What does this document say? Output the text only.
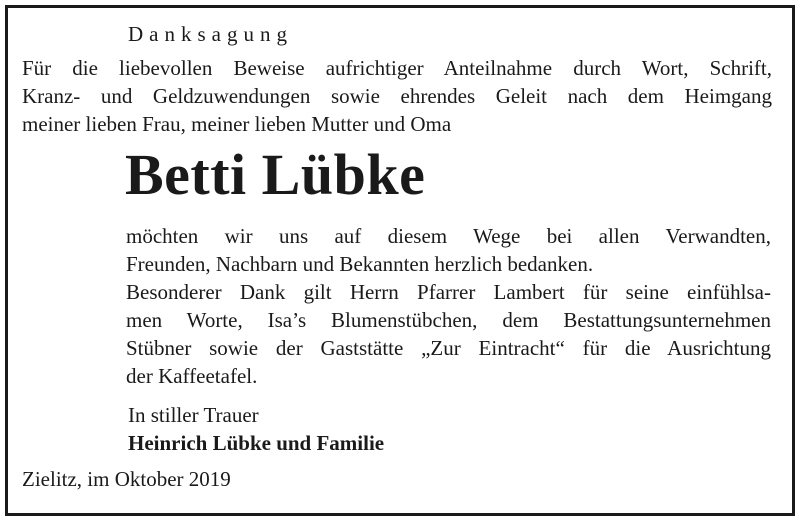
Danksagung
Für die liebevollen Beweise aufrichtiger Anteilnahme durch Wort, Schrift,
Kranz- und Geldzuwendungen sowie ehrendes Geleit nach dem Heimgang
meiner lieben Frau, meiner lieben Mutter und Oma
Betti Lübke
möchten wir uns auf diesem Wege bei allen Verwandten,
Freunden, Nachbarn und Bekannten herzlich bedanken.
Besonderer Dank gilt Herrn Pfarrer Lambert für seine einfühlsa-
men Worte, Isa’s Blumenstübchen, dem Bestattungsunternehmen
Stübner sowie der Gaststätte „Zur Eintracht“ für die Ausrichtung
der Kaffeetafel.
In stiller Trauer
Heinrich Lübke und Familie
Zielitz, im Oktober 2019
